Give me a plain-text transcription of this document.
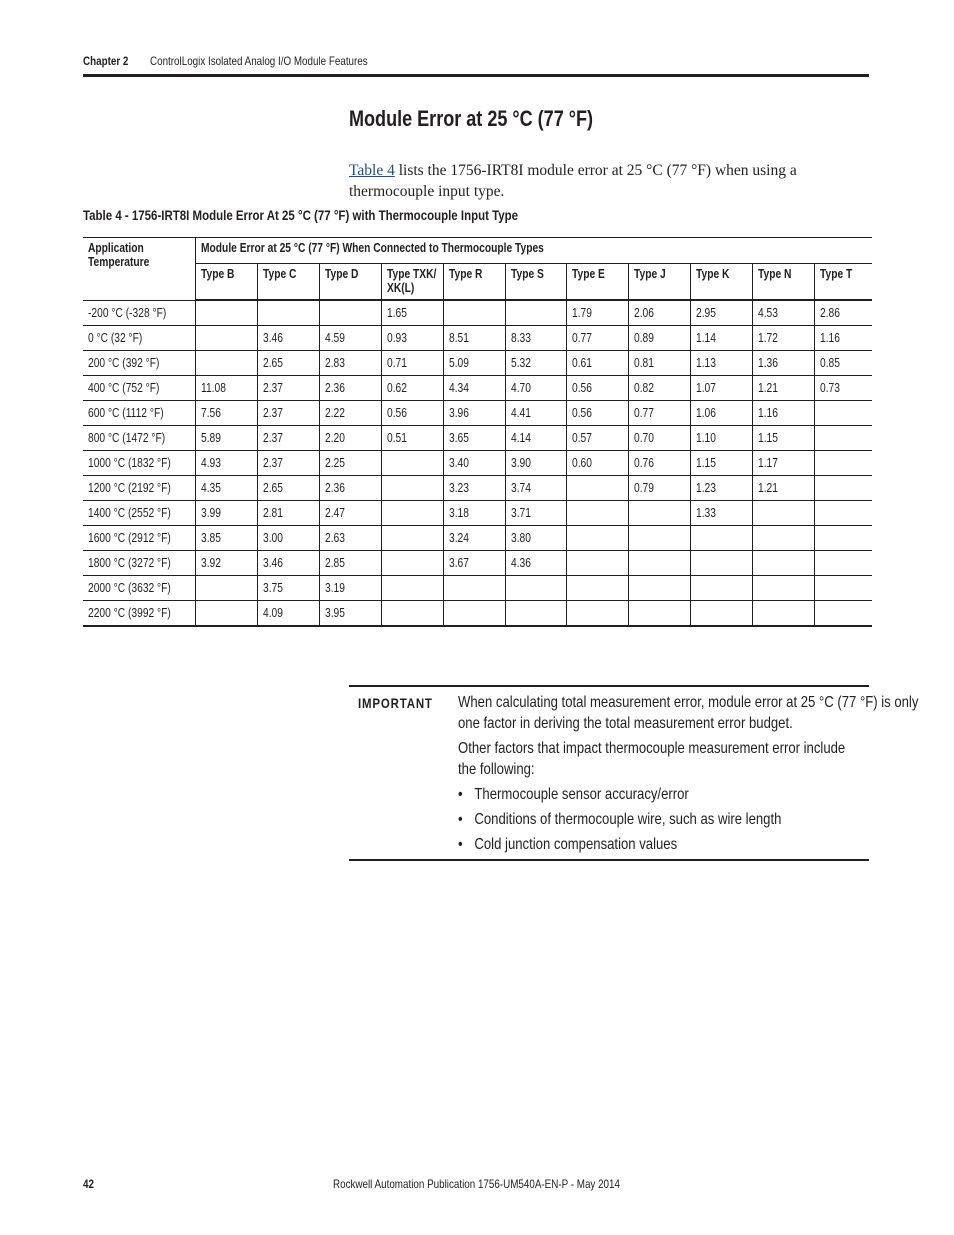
Chapter 2 ControlLogix Isolated Analog I/O Module Features
Module Error at 25 °C (77 °F)
Table 4 lists the 1756-IRT8I module error at 25 °C (77 °F) when using a
thermocouple input type.
Table 4 - 1756-IRT8I Module Error At 25 °C (77 °F) with Thermocouple Input Type
Application Temperature	Module Error at 25 °C (77 °F) When Connected to Thermocouple Types										
	Type B	Type C	Type D	Type TXK/ XK(L)	Type R	Type S	Type E	Type J	Type K	Type N	Type T
-200 °C (-328 °F)				1.65			1.79	2.06	2.95	4.53	2.86
0 °C (32 °F)		3.46	4.59	0.93	8.51	8.33	0.77	0.89	1.14	1.72	1.16
200 °C (392 °F)		2.65	2.83	0.71	5.09	5.32	0.61	0.81	1.13	1.36	0.85
400 °C (752 °F)	11.08	2.37	2.36	0.62	4.34	4.70	0.56	0.82	1.07	1.21	0.73
600 °C (1112 °F)	7.56	2.37	2.22	0.56	3.96	4.41	0.56	0.77	1.06	1.16	
800 °C (1472 °F)	5.89	2.37	2.20	0.51	3.65	4.14	0.57	0.70	1.10	1.15	
1000 °C (1832 °F)	4.93	2.37	2.25		3.40	3.90	0.60	0.76	1.15	1.17	
1200 °C (2192 °F)	4.35	2.65	2.36		3.23	3.74		0.79	1.23	1.21	
1400 °C (2552 °F)	3.99	2.81	2.47		3.18	3.71			1.33		
1600 °C (2912 °F)	3.85	3.00	2.63		3.24	3.80					
1800 °C (3272 °F)	3.92	3.46	2.85		3.67	4.36					
2000 °C (3632 °F)		3.75	3.19								
2200 °C (3992 °F)		4.09	3.95								
IMPORTANT When calculating total measurement error, module error at 25 °C (77 °F) is only
one factor in deriving the total measurement error budget.

Other factors that impact thermocouple measurement error include
the following:

• Thermocouple sensor accuracy/error
• Conditions of thermocouple wire, such as wire length
• Cold junction compensation values
42	Rockwell Automation Publication 1756-UM540A-EN-P - May 2014
